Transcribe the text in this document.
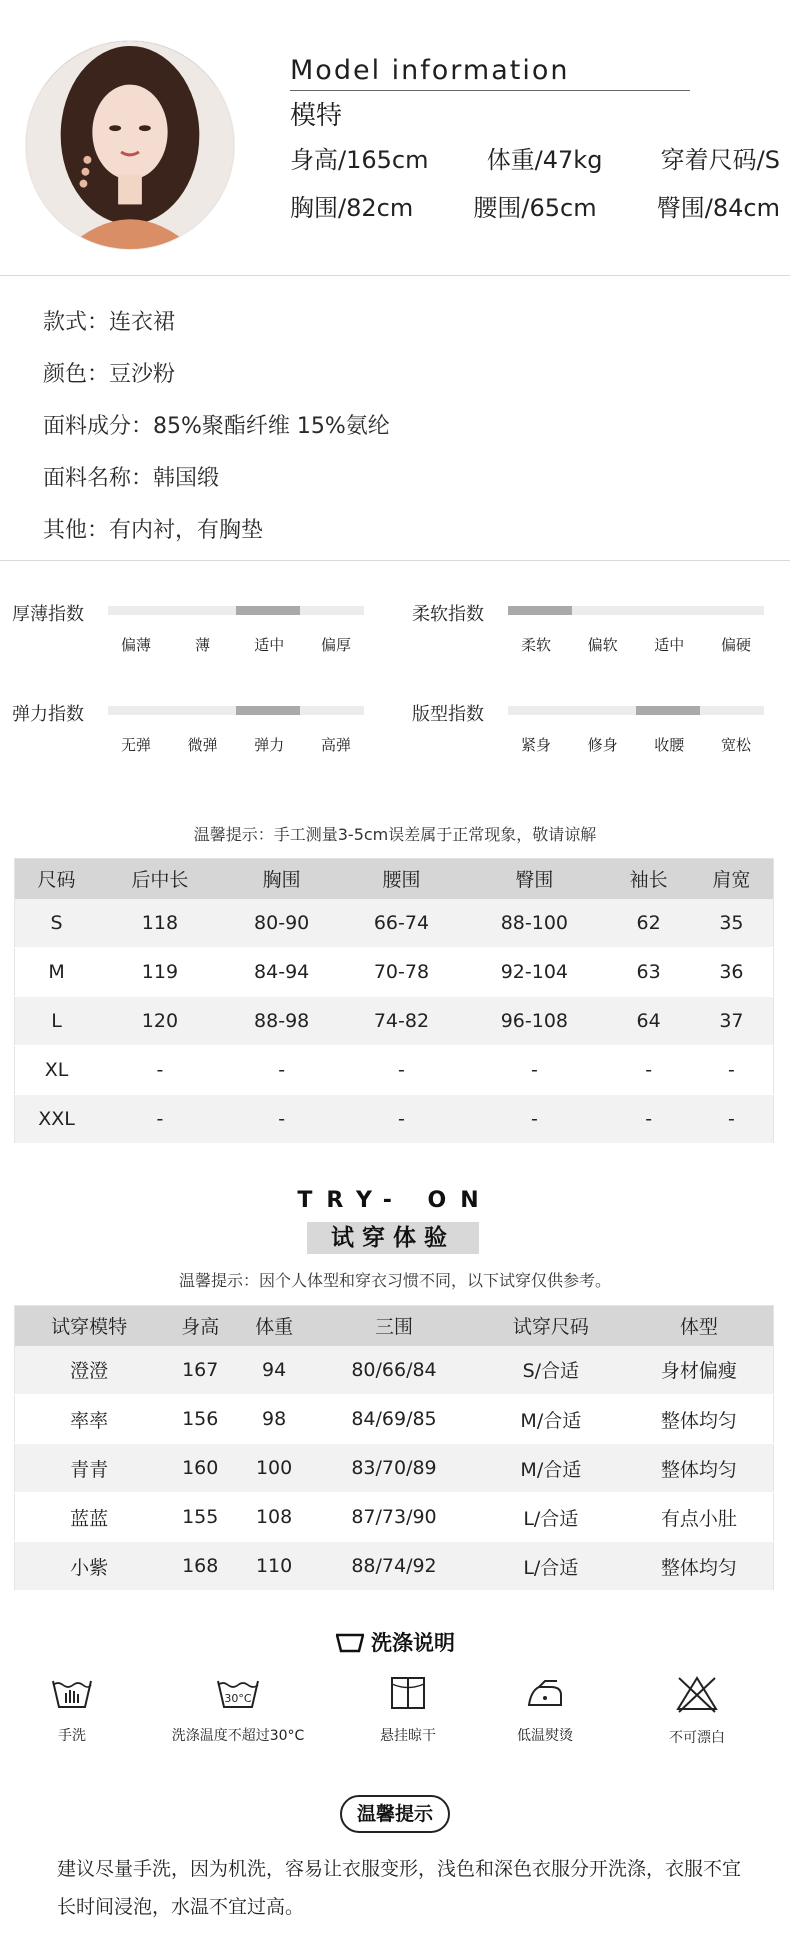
Model information
模特
身高/165cm 体重/47kg 穿着尺码/S
胸围/82cm	腰围/65cm	臀围/84cm
款式：连衣裙
颜色：豆沙粉
面料成分：85%聚酯纤维 15%氨纶
面料名称：韩国缎
其他：有内衬，有胸垫
厚薄指数
偏薄	薄	适中	偏厚
柔软指数
柔软	偏软	适中	偏硬
弹力指数
无弹	微弹	弹力	高弹
版型指数
紧身	修身	收腰	宽松
温馨提示：手工测量3-5cm误差属于正常现象，敬请谅解
尺码	后中长	胸围	腰围	臀围	袖长	肩宽
S	118	80-90	66-74	88-100	62	35
M	119	84-94	70-78	92-104	63	36
L	120	88-98	74-82	96-108	64	37
XL	-	-	-	-	-	-
XXL	-	-	-	-	-	-
TRY- ON
试穿体验
温馨提示：因个人体型和穿衣习惯不同，以下试穿仅供参考。
试穿模特	身高	体重	三围	试穿尺码	体型
澄澄	167	94	80/66/84	S/合适	身材偏瘦
率率	156	98	84/69/85	M/合适	整体均匀
青青	160	100	83/70/89	M/合适	整体均匀
蓝蓝	155	108	87/73/90	L/合适	有点小肚
小紫	168	110	88/74/92	L/合适	整体均匀
洗涤说明
手洗
30°C
洗涤温度不超过30°C	悬挂晾干	低温熨烫	不可漂白
温馨提示
建议尽量手洗，因为机洗，容易让衣服变形，浅色和深色衣服分开洗涤，衣服不宜长时间浸泡，水温不宜过高。
